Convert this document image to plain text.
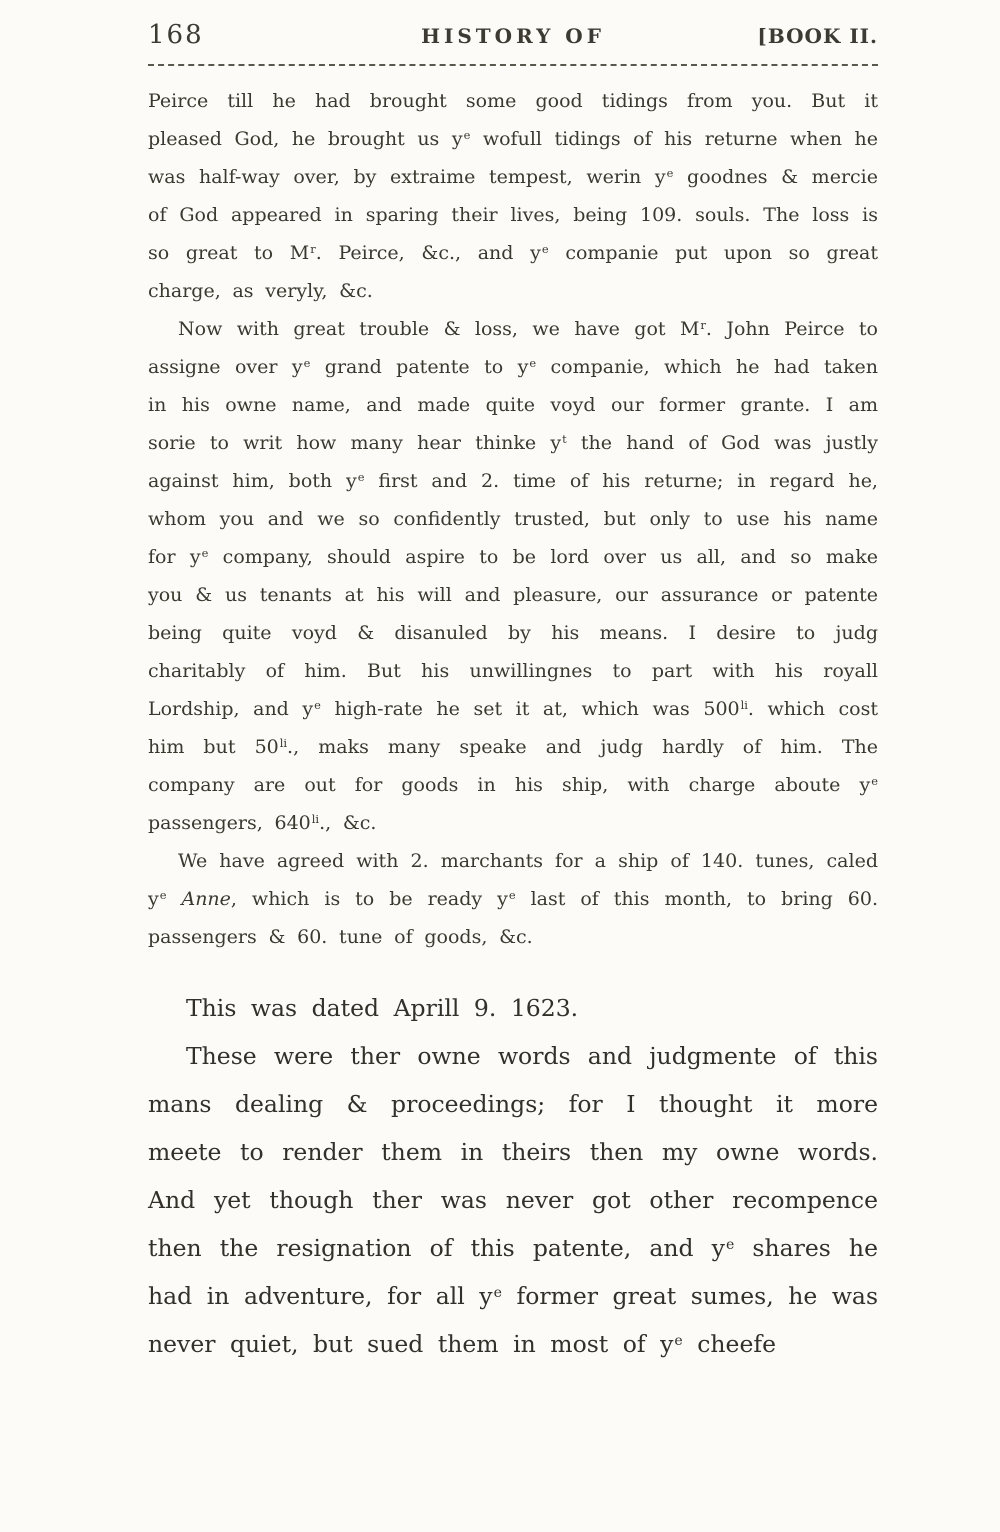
168	HISTORY OF	[BOOK II.

Peirce till he had brought some good tidings from you. But it pleased God, he brought us $y^e$ wofull tidings of his returne when he was half-way over, by extraime tempest, werin $y^e$ goodnes & mercie of God appeared in sparing their lives, being 109. souls. The loss is so great to $M^r$. Peirce, &c., and $y^e$ companie put upon so great charge, as veryly, &c.

Now with great trouble & loss, we have got $M^r$. John Peirce to assigne over $y^e$ grand patente to $y^e$ companie, which he had taken in his owne name, and made quite voyd our former grante. I am sorie to writ how many hear thinke $y^t$ the hand of God was justly against him, both $y^e$ first and 2. time of his returne; in regard he, whom you and we so confidently trusted, but only to use his name for $y^e$ company, should aspire to be lord over us all, and so make you & us tenants at his will and pleasure, our assurance or patente being quite voyd & disanuled by his means. I desire to judg charitably of him. But his unwillingnes to part with his royall Lordship, and $y^e$ high-rate he set it at, which was $500^{li}$. which cost him but $50^{li}$., maks many speake and judg hardly of him. The company are out for goods in his ship, with charge aboute $y^e$ passengers, $640^{li}$., &c.

We have agreed with 2. marchants for a ship of 140. tunes, caled $y^e$ Anne, which is to be ready $y^e$ last of this month, to bring 60. passengers & 60. tune of goods, &c.

This was dated Aprill 9. 1623.

These were ther owne words and judgmente of this mans dealing & proceedings; for I thought it more meete to render them in theirs then my owne words. And yet though ther was never got other recompence then the resignation of this patente, and $y^e$ shares he had in adventure, for all $y^e$ former great sumes, he was never quiet, but sued them in most of $y^e$ cheefe
